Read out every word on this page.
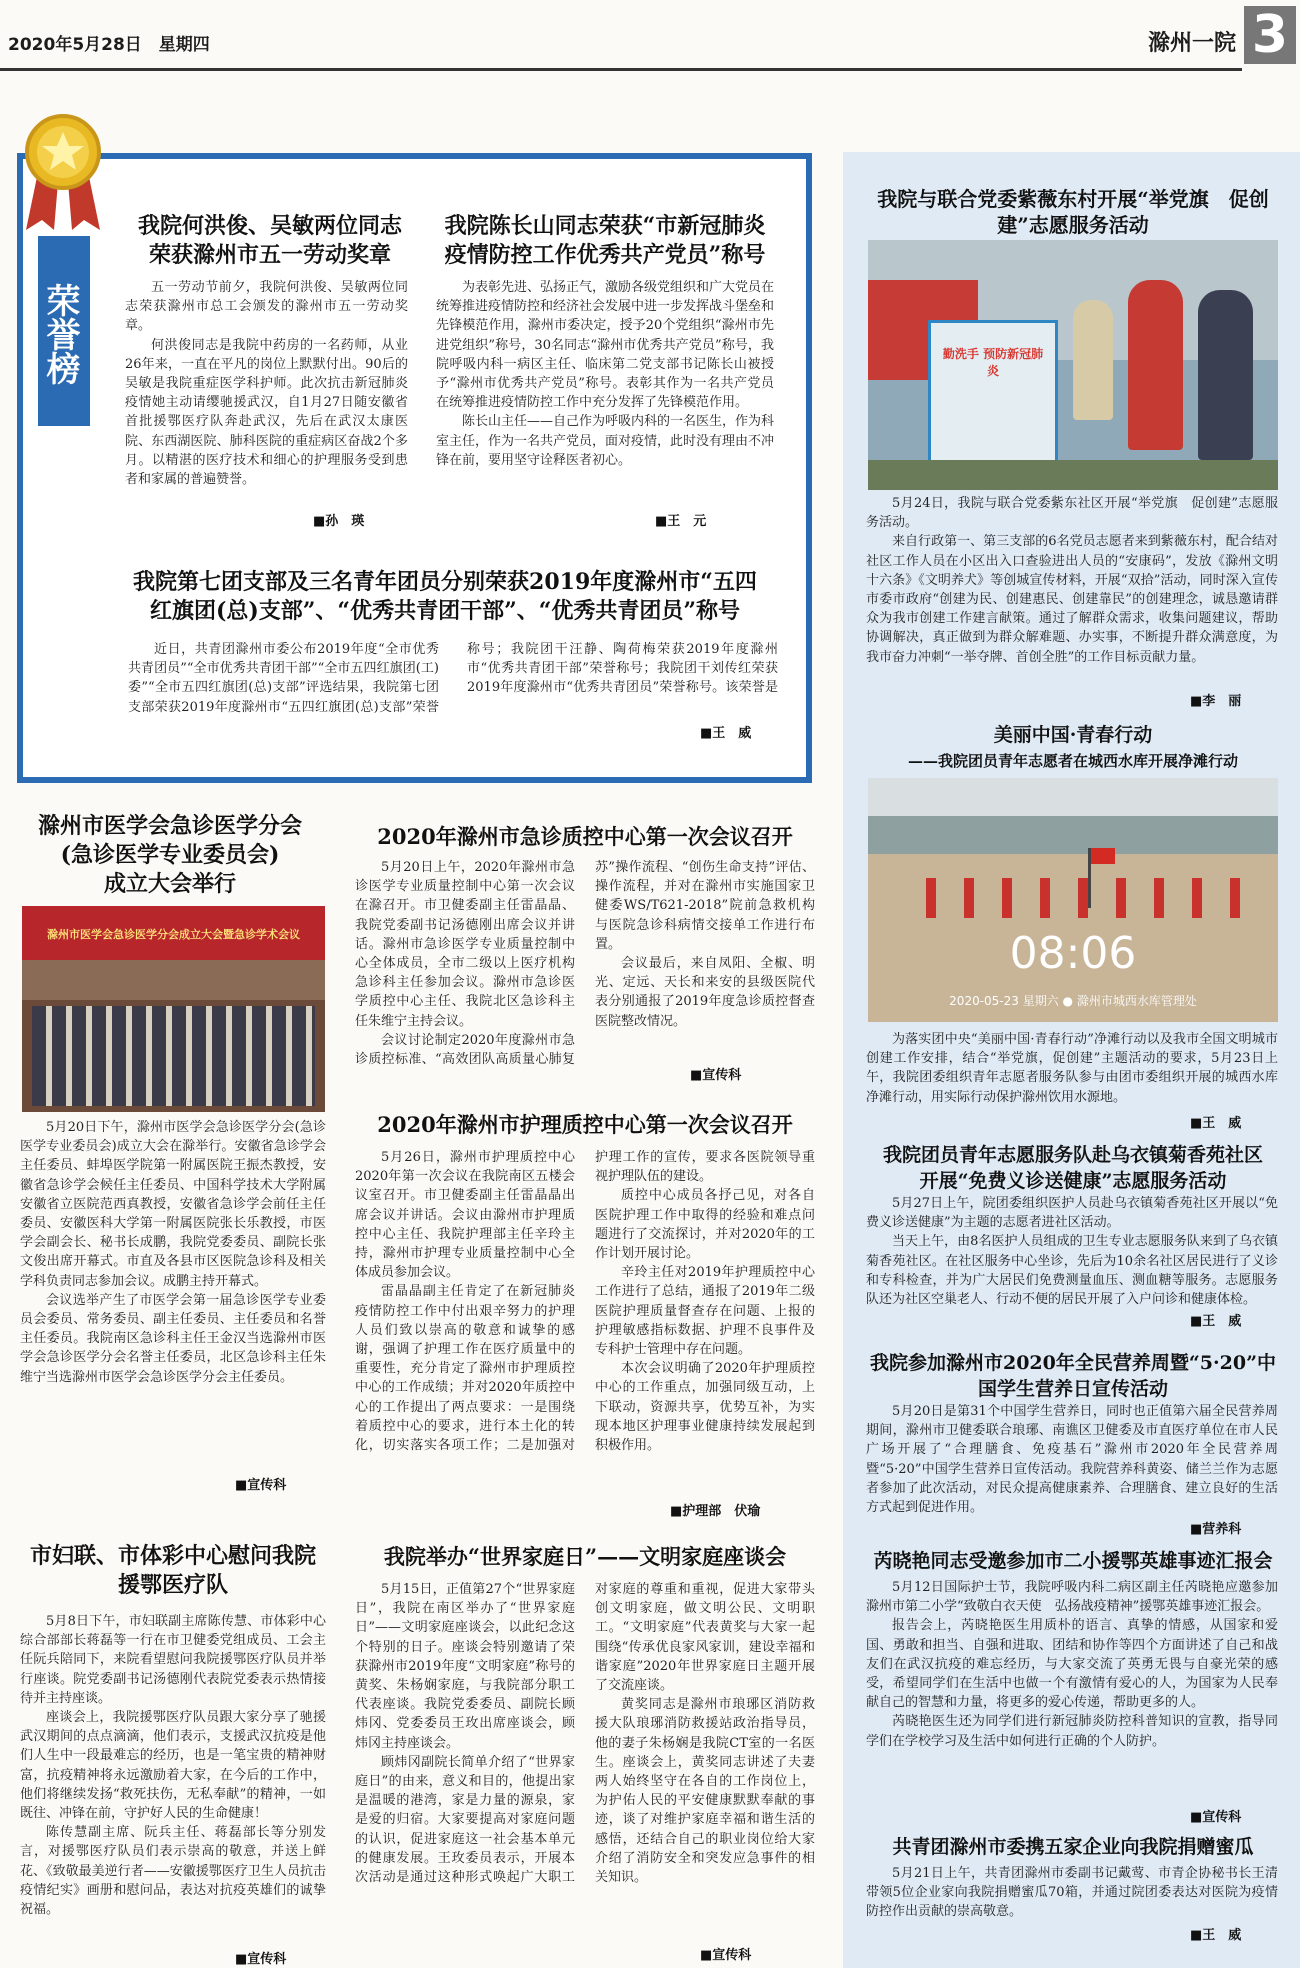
2020年5月28日　星期四	滁州一院 3
荣誉榜
我院何洪俊、吴敏两位同志
荣获滁州市五一劳动奖章

五一劳动节前夕，我院何洪俊、吴敏两位同志荣获滁州市总工会颁发的滁州市五一劳动奖章。

何洪俊同志是我院中药房的一名药师，从业26年来，一直在平凡的岗位上默默付出。90后的吴敏是我院重症医学科护师。此次抗击新冠肺炎疫情她主动请缨驰援武汉，自1月27日随安徽省首批援鄂医疗队奔赴武汉，先后在武汉太康医院、东西湖医院、肺科医院的重症病区奋战2个多月。以精湛的医疗技术和细心的护理服务受到患者和家属的普遍赞誉。

■孙　瑛
我院陈长山同志荣获“市新冠肺炎
疫情防控工作优秀共产党员”称号

为表彰先进、弘扬正气，激励各级党组织和广大党员在统筹推进疫情防控和经济社会发展中进一步发挥战斗堡垒和先锋模范作用，滁州市委决定，授予20个党组织“滁州市先进党组织”称号，30名同志“滁州市优秀共产党员”称号，我院呼吸内科一病区主任、临床第二党支部书记陈长山被授予“滁州市优秀共产党员”称号。表彰其作为一名共产党员在统筹推进疫情防控工作中充分发挥了先锋模范作用。

陈长山主任——自己作为呼吸内科的一名医生，作为科室主任，作为一名共产党员，面对疫情，此时没有理由不冲锋在前，要用坚守诠释医者初心。

■王　元
我院第七团支部及三名青年团员分别荣获2019年度滁州市“五四
红旗团(总)支部”、“优秀共青团干部”、“优秀共青团员”称号

近日，共青团滁州市委公布2019年度“全市优秀共青团员”“全市优秀共青团干部”“全市五四红旗团(工)委”“全市五四红旗团(总)支部”评选结果，我院第七团支部荣获2019年度滁州市“五四红旗团(总)支部”荣誉称号；我院团干汪静、陶荷梅荣获2019年度滁州市“优秀共青团干部”荣誉称号；我院团干刘传红荣获2019年度滁州市“优秀共青团员”荣誉称号。该荣誉是

■王　威
滁州市医学会急诊医学分会
(急诊医学专业委员会)
成立大会举行
滁州市医学会急诊医学分会成立大会暨急诊学术会议

5月20日下午，滁州市医学会急诊医学分会(急诊医学专业委员会)成立大会在滁举行。安徽省急诊学会主任委员、蚌埠医学院第一附属医院王振杰教授，安徽省急诊学会候任主任委员、中国科学技术大学附属安徽省立医院范西真教授，安徽省急诊学会前任主任委员、安徽医科大学第一附属医院张长乐教授，市医学会副会长、秘书长成鹏，我院党委委员、副院长张文俊出席开幕式。市直及各县市区医院急诊科及相关学科负责同志参加会议。成鹏主持开幕式。

会议选举产生了市医学会第一届急诊医学专业委员会委员、常务委员、副主任委员、主任委员和名誉主任委员。我院南区急诊科主任王金汉当选滁州市医学会急诊医学分会名誉主任委员，北区急诊科主任朱维宁当选滁州市医学会急诊医学分会主任委员。

■宣传科
市妇联、市体彩中心慰问我院
援鄂医疗队

5月8日下午，市妇联副主席陈传慧、市体彩中心综合部部长蒋磊等一行在市卫健委党组成员、工会主任阮兵陪同下，来院看望慰问我院援鄂医疗队员并举行座谈。院党委副书记汤德刚代表院党委表示热情接待并主持座谈。

座谈会上，我院援鄂医疗队员跟大家分享了驰援武汉期间的点点滴滴，他们表示，支援武汉抗疫是他们人生中一段最难忘的经历，也是一笔宝贵的精神财富，抗疫精神将永远激励着大家，在今后的工作中，他们将继续发扬“救死扶伤，无私奉献”的精神，一如既往、冲锋在前，守护好人民的生命健康！

陈传慧副主席、阮兵主任、蒋磊部长等分别发言，对援鄂医疗队员们表示崇高的敬意，并送上鲜花、《致敬最美逆行者——安徽援鄂医疗卫生人员抗击疫情纪实》画册和慰问品，表达对抗疫英雄们的诚挚祝福。

■宣传科
2020年滁州市急诊质控中心第一次会议召开

5月20日上午，2020年滁州市急诊医学专业质量控制中心第一次会议在滁召开。市卫健委副主任雷晶晶、我院党委副书记汤德刚出席会议并讲话。滁州市急诊医学专业质量控制中心全体成员，全市二级以上医疗机构急诊科主任参加会议。滁州市急诊医学质控中心主任、我院北区急诊科主任朱维宁主持会议。

会议讨论制定2020年度滁州市急诊质控标准、“高效团队高质量心肺复苏”操作流程、“创伤生命支持”评估、操作流程，并对在滁州市实施国家卫健委WS/T621-2018”院前急救机构与医院急诊科病情交接单工作进行布置。

会议最后，来自凤阳、全椒、明光、定远、天长和来安的县级医院代表分别通报了2019年度急诊质控督查医院整改情况。

■宣传科
2020年滁州市护理质控中心第一次会议召开

5月26日，滁州市护理质控中心2020年第一次会议在我院南区五楼会议室召开。市卫健委副主任雷晶晶出席会议并讲话。会议由滁州市护理质控中心主任、我院护理部主任辛玲主持，滁州市护理专业质量控制中心全体成员参加会议。

雷晶晶副主任肯定了在新冠肺炎疫情防控工作中付出艰辛努力的护理人员们致以崇高的敬意和诚挚的感谢，强调了护理工作在医疗质量中的重要性，充分肯定了滁州市护理质控中心的工作成绩；并对2020年质控中心的工作提出了两点要求：一是围绕着质控中心的要求，进行本土化的转化，切实落实各项工作；二是加强对护理工作的宣传，要求各医院领导重视护理队伍的建设。

质控中心成员各抒己见，对各自医院护理工作中取得的经验和难点问题进行了交流探讨，并对2020年的工作计划开展讨论。

辛玲主任对2019年护理质控中心工作进行了总结，通报了2019年二级医院护理质量督查存在问题、上报的护理敏感指标数据、护理不良事件及专科护士管理中存在问题。

本次会议明确了2020年护理质控中心的工作重点，加强同级互动，上下联动，资源共享，优势互补，为实现本地区护理事业健康持续发展起到积极作用。

■护理部　伏瑜
我院举办“世界家庭日”——文明家庭座谈会

5月15日，正值第27个“世界家庭日”，我院在南区举办了“世界家庭日”——文明家庭座谈会，以此纪念这个特别的日子。座谈会特别邀请了荣获滁州市2019年度“文明家庭”称号的黄奖、朱杨娴家庭，与我院部分职工代表座谈。我院党委委员、副院长顾炜冈、党委委员王玫出席座谈会，顾炜冈主持座谈会。

顾炜冈副院长简单介绍了“世界家庭日”的由来，意义和目的，他提出家是温暖的港湾，家是力量的源泉，家是爱的归宿。大家要提高对家庭问题的认识，促进家庭这一社会基本单元的健康发展。王玫委员表示，开展本次活动是通过这种形式唤起广大职工对家庭的尊重和重视，促进大家带头创文明家庭，做文明公民、文明职工。“文明家庭”代表黄奖与大家一起围绕“传承优良家风家训，建设幸福和谐家庭”2020年世界家庭日主题开展了交流座谈。

黄奖同志是滁州市琅琊区消防救援大队琅琊消防救援站政治指导员，他的妻子朱杨娴是我院CT室的一名医生。座谈会上，黄奖同志讲述了夫妻两人始终坚守在各自的工作岗位上，为护佑人民的平安健康默默奉献的事迹，谈了对维护家庭幸福和谐生活的感悟，还结合自己的职业岗位给大家介绍了消防安全和突发应急事件的相关知识。

■宣传科
我院与联合党委紫薇东村开展“举党旗　促创
建”志愿服务活动
勤洗手 预防新冠肺炎

5月24日，我院与联合党委紫东社区开展“举党旗　促创建”志愿服务活动。

来自行政第一、第三支部的6名党员志愿者来到紫薇东村，配合结对社区工作人员在小区出入口查验进出人员的“安康码”，发放《滁州文明十六条》《文明养犬》等创城宣传材料，开展“双拾”活动，同时深入宣传市委市政府“创建为民、创建惠民、创建靠民”的创建理念，诚恳邀请群众为我市创建工作建言献策。通过了解群众需求，收集问题建议，帮助协调解决，真正做到为群众解难题、办实事，不断提升群众满意度，为我市奋力冲刺“一举夺牌、首创全胜”的工作目标贡献力量。

■李　丽
美丽中国·青春行动
——我院团员青年志愿者在城西水库开展净滩行动
08:06
2020-05-23 星期六 ● 滁州市城西水库管理处

为落实团中央“美丽中国·青春行动”净滩行动以及我市全国文明城市创建工作安排，结合“举党旗，促创建”主题活动的要求，5月23日上午，我院团委组织青年志愿者服务队参与由团市委组织开展的城西水库净滩行动，用实际行动保护滁州饮用水源地。

■王　威
我院团员青年志愿服务队赴乌衣镇菊香苑社区
开展“免费义诊送健康”志愿服务活动

5月27日上午，院团委组织医护人员赴乌衣镇菊香苑社区开展以“免费义诊送健康”为主题的志愿者进社区活动。

当天上午，由8名医护人员组成的卫生专业志愿服务队来到了乌衣镇菊香苑社区。在社区服务中心坐诊，先后为10余名社区居民进行了义诊和专科检查，并为广大居民们免费测量血压、测血糖等服务。志愿服务队还为社区空巢老人、行动不便的居民开展了入户问诊和健康体检。

■王　威
我院参加滁州市2020年全民营养周暨“5·20”中
国学生营养日宣传活动

5月20日是第31个中国学生营养日，同时也正值第六届全民营养周期间，滁州市卫健委联合琅琊、南谯区卫健委及市直医疗单位在市人民广场开展了“合理膳食、免疫基石”滁州市2020年全民营养周暨“5·20”中国学生营养日宣传活动。我院营养科黄姿、储兰兰作为志愿者参加了此次活动，对民众提高健康素养、合理膳食、建立良好的生活方式起到促进作用。

■营养科
芮晓艳同志受邀参加市二小援鄂英雄事迹汇报会

5月12日国际护士节，我院呼吸内科二病区副主任芮晓艳应邀参加滁州市第二小学“致敬白衣天使　弘扬战疫精神”援鄂英雄事迹汇报会。

报告会上，芮晓艳医生用质朴的语言、真挚的情感，从国家和爱国、勇敢和担当、自强和进取、团结和协作等四个方面讲述了自己和战友们在武汉抗疫的难忘经历，与大家交流了英勇无畏与自豪光荣的感受，希望同学们在生活中也做一个有激情有爱心的人，为国家为人民奉献自己的智慧和力量，将更多的爱心传递，帮助更多的人。

芮晓艳医生还为同学们进行新冠肺炎防控科普知识的宣教，指导同学们在学校学习及生活中如何进行正确的个人防护。

■宣传科
共青团滁州市委携五家企业向我院捐赠蜜瓜

5月21日上午，共青团滁州市委副书记戴莺、市青企协秘书长王清带领5位企业家向我院捐赠蜜瓜70箱，并通过院团委表达对医院为疫情防控作出贡献的崇高敬意。

■王　威
